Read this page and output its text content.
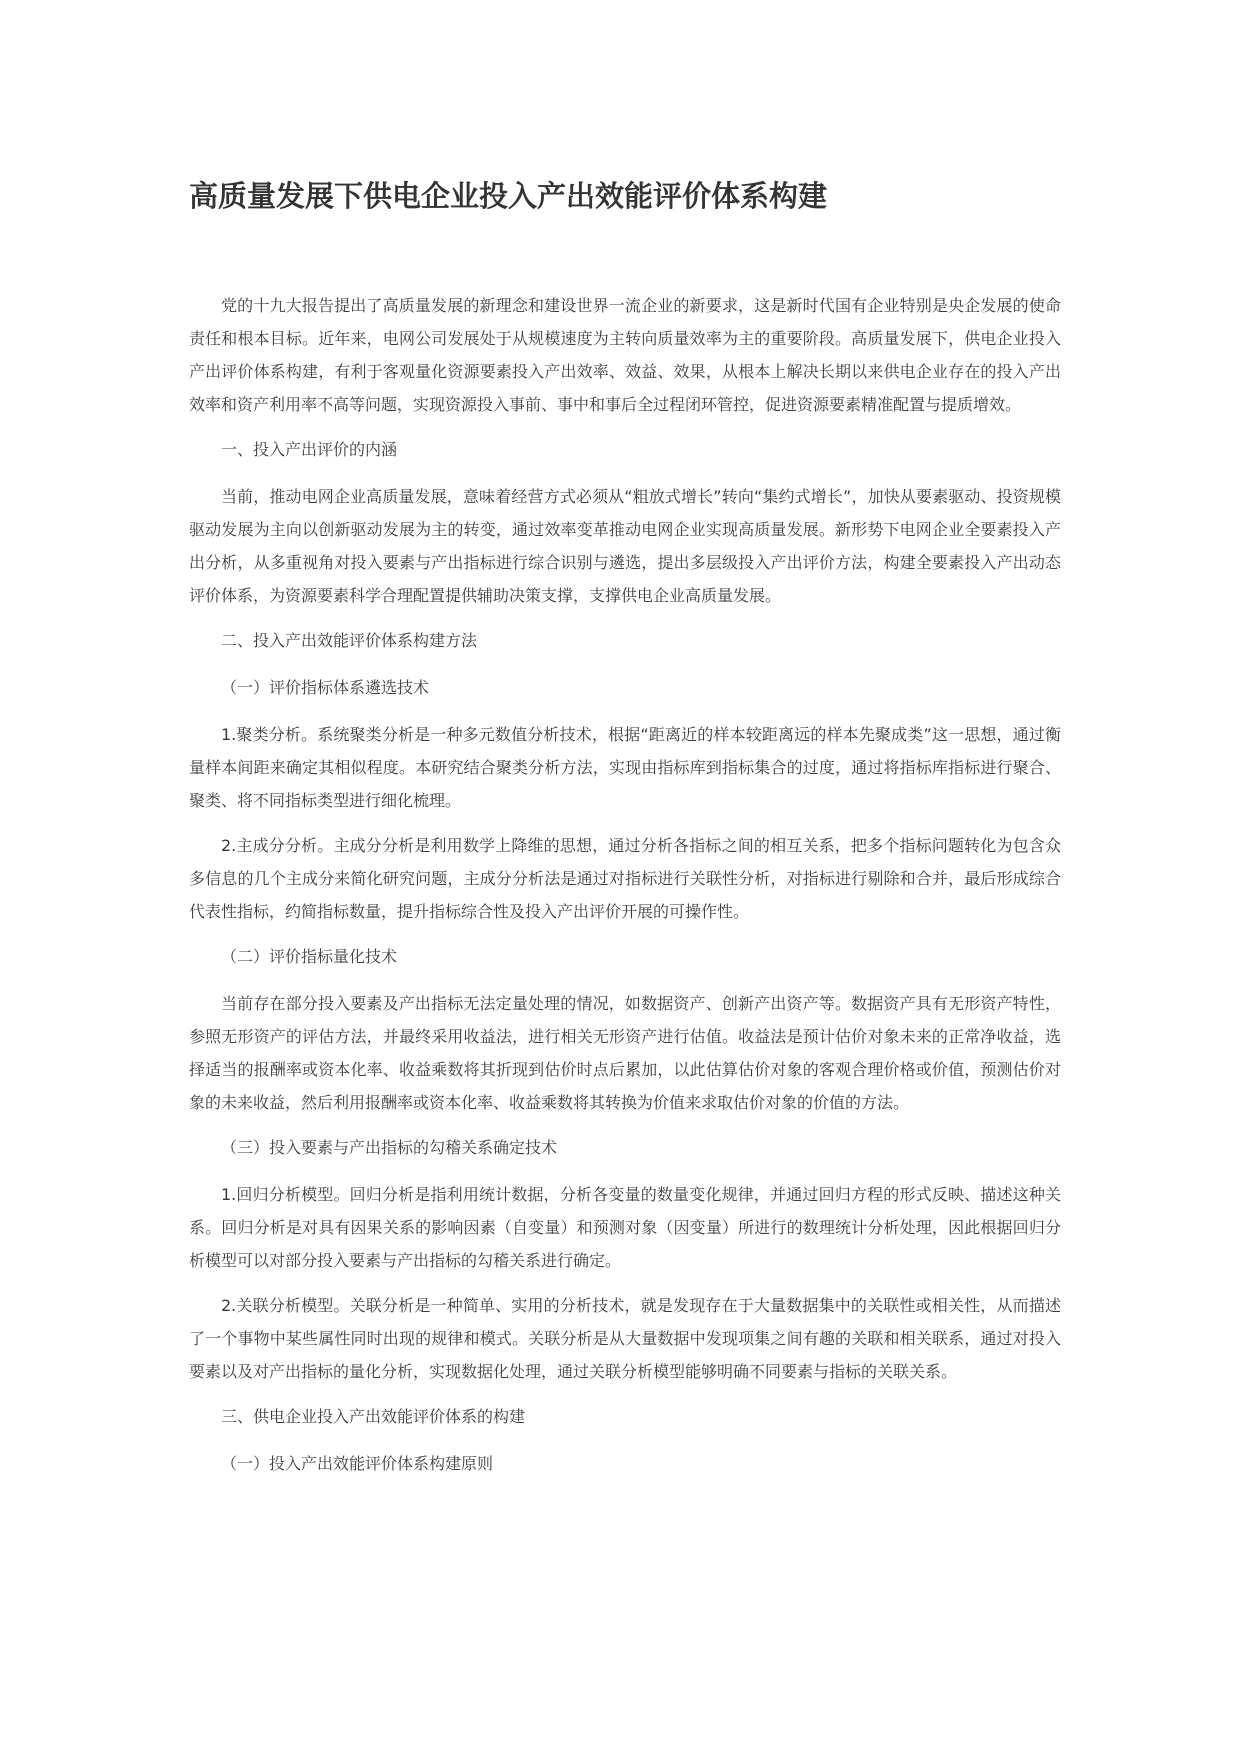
高质量发展下供电企业投入产出效能评价体系构建

党的十九大报告提出了高质量发展的新理念和建设世界一流企业的新要求，这是新时代国有企业特别是央企发展的使命责任和根本目标。近年来，电网公司发展处于从规模速度为主转向质量效率为主的重要阶段。高质量发展下，供电企业投入产出评价体系构建，有利于客观量化资源要素投入产出效率、效益、效果，从根本上解决长期以来供电企业存在的投入产出效率和资产利用率不高等问题，实现资源投入事前、事中和事后全过程闭环管控，促进资源要素精准配置与提质增效。

一、投入产出评价的内涵

当前，推动电网企业高质量发展，意味着经营方式必须从“粗放式增长”转向“集约式增长”，加快从要素驱动、投资规模驱动发展为主向以创新驱动发展为主的转变，通过效率变革推动电网企业实现高质量发展。新形势下电网企业全要素投入产出分析，从多重视角对投入要素与产出指标进行综合识别与遴选，提出多层级投入产出评价方法，构建全要素投入产出动态评价体系，为资源要素科学合理配置提供辅助决策支撑，支撑供电企业高质量发展。

二、投入产出效能评价体系构建方法

（一）评价指标体系遴选技术

1.聚类分析。系统聚类分析是一种多元数值分析技术，根据“距离近的样本较距离远的样本先聚成类”这一思想，通过衡量样本间距来确定其相似程度。本研究结合聚类分析方法，实现由指标库到指标集合的过度，通过将指标库指标进行聚合、聚类、将不同指标类型进行细化梳理。

2.主成分分析。主成分分析是利用数学上降维的思想，通过分析各指标之间的相互关系，把多个指标问题转化为包含众多信息的几个主成分来简化研究问题，主成分分析法是通过对指标进行关联性分析，对指标进行剔除和合并，最后形成综合代表性指标，约简指标数量，提升指标综合性及投入产出评价开展的可操作性。

（二）评价指标量化技术

当前存在部分投入要素及产出指标无法定量处理的情况，如数据资产、创新产出资产等。数据资产具有无形资产特性，参照无形资产的评估方法，并最终采用收益法，进行相关无形资产进行估值。收益法是预计估价对象未来的正常净收益，选择适当的报酬率或资本化率、收益乘数将其折现到估价时点后累加，以此估算估价对象的客观合理价格或价值，预测估价对象的未来收益，然后利用报酬率或资本化率、收益乘数将其转换为价值来求取估价对象的价值的方法。

（三）投入要素与产出指标的勾稽关系确定技术

1.回归分析模型。回归分析是指利用统计数据，分析各变量的数量变化规律，并通过回归方程的形式反映、描述这种关系。回归分析是对具有因果关系的影响因素（自变量）和预测对象（因变量）所进行的数理统计分析处理，因此根据回归分析模型可以对部分投入要素与产出指标的勾稽关系进行确定。

2.关联分析模型。关联分析是一种简单、实用的分析技术，就是发现存在于大量数据集中的关联性或相关性，从而描述了一个事物中某些属性同时出现的规律和模式。关联分析是从大量数据中发现项集之间有趣的关联和相关联系，通过对投入要素以及对产出指标的量化分析，实现数据化处理，通过关联分析模型能够明确不同要素与指标的关联关系。

三、供电企业投入产出效能评价体系的构建

（一）投入产出效能评价体系构建原则
